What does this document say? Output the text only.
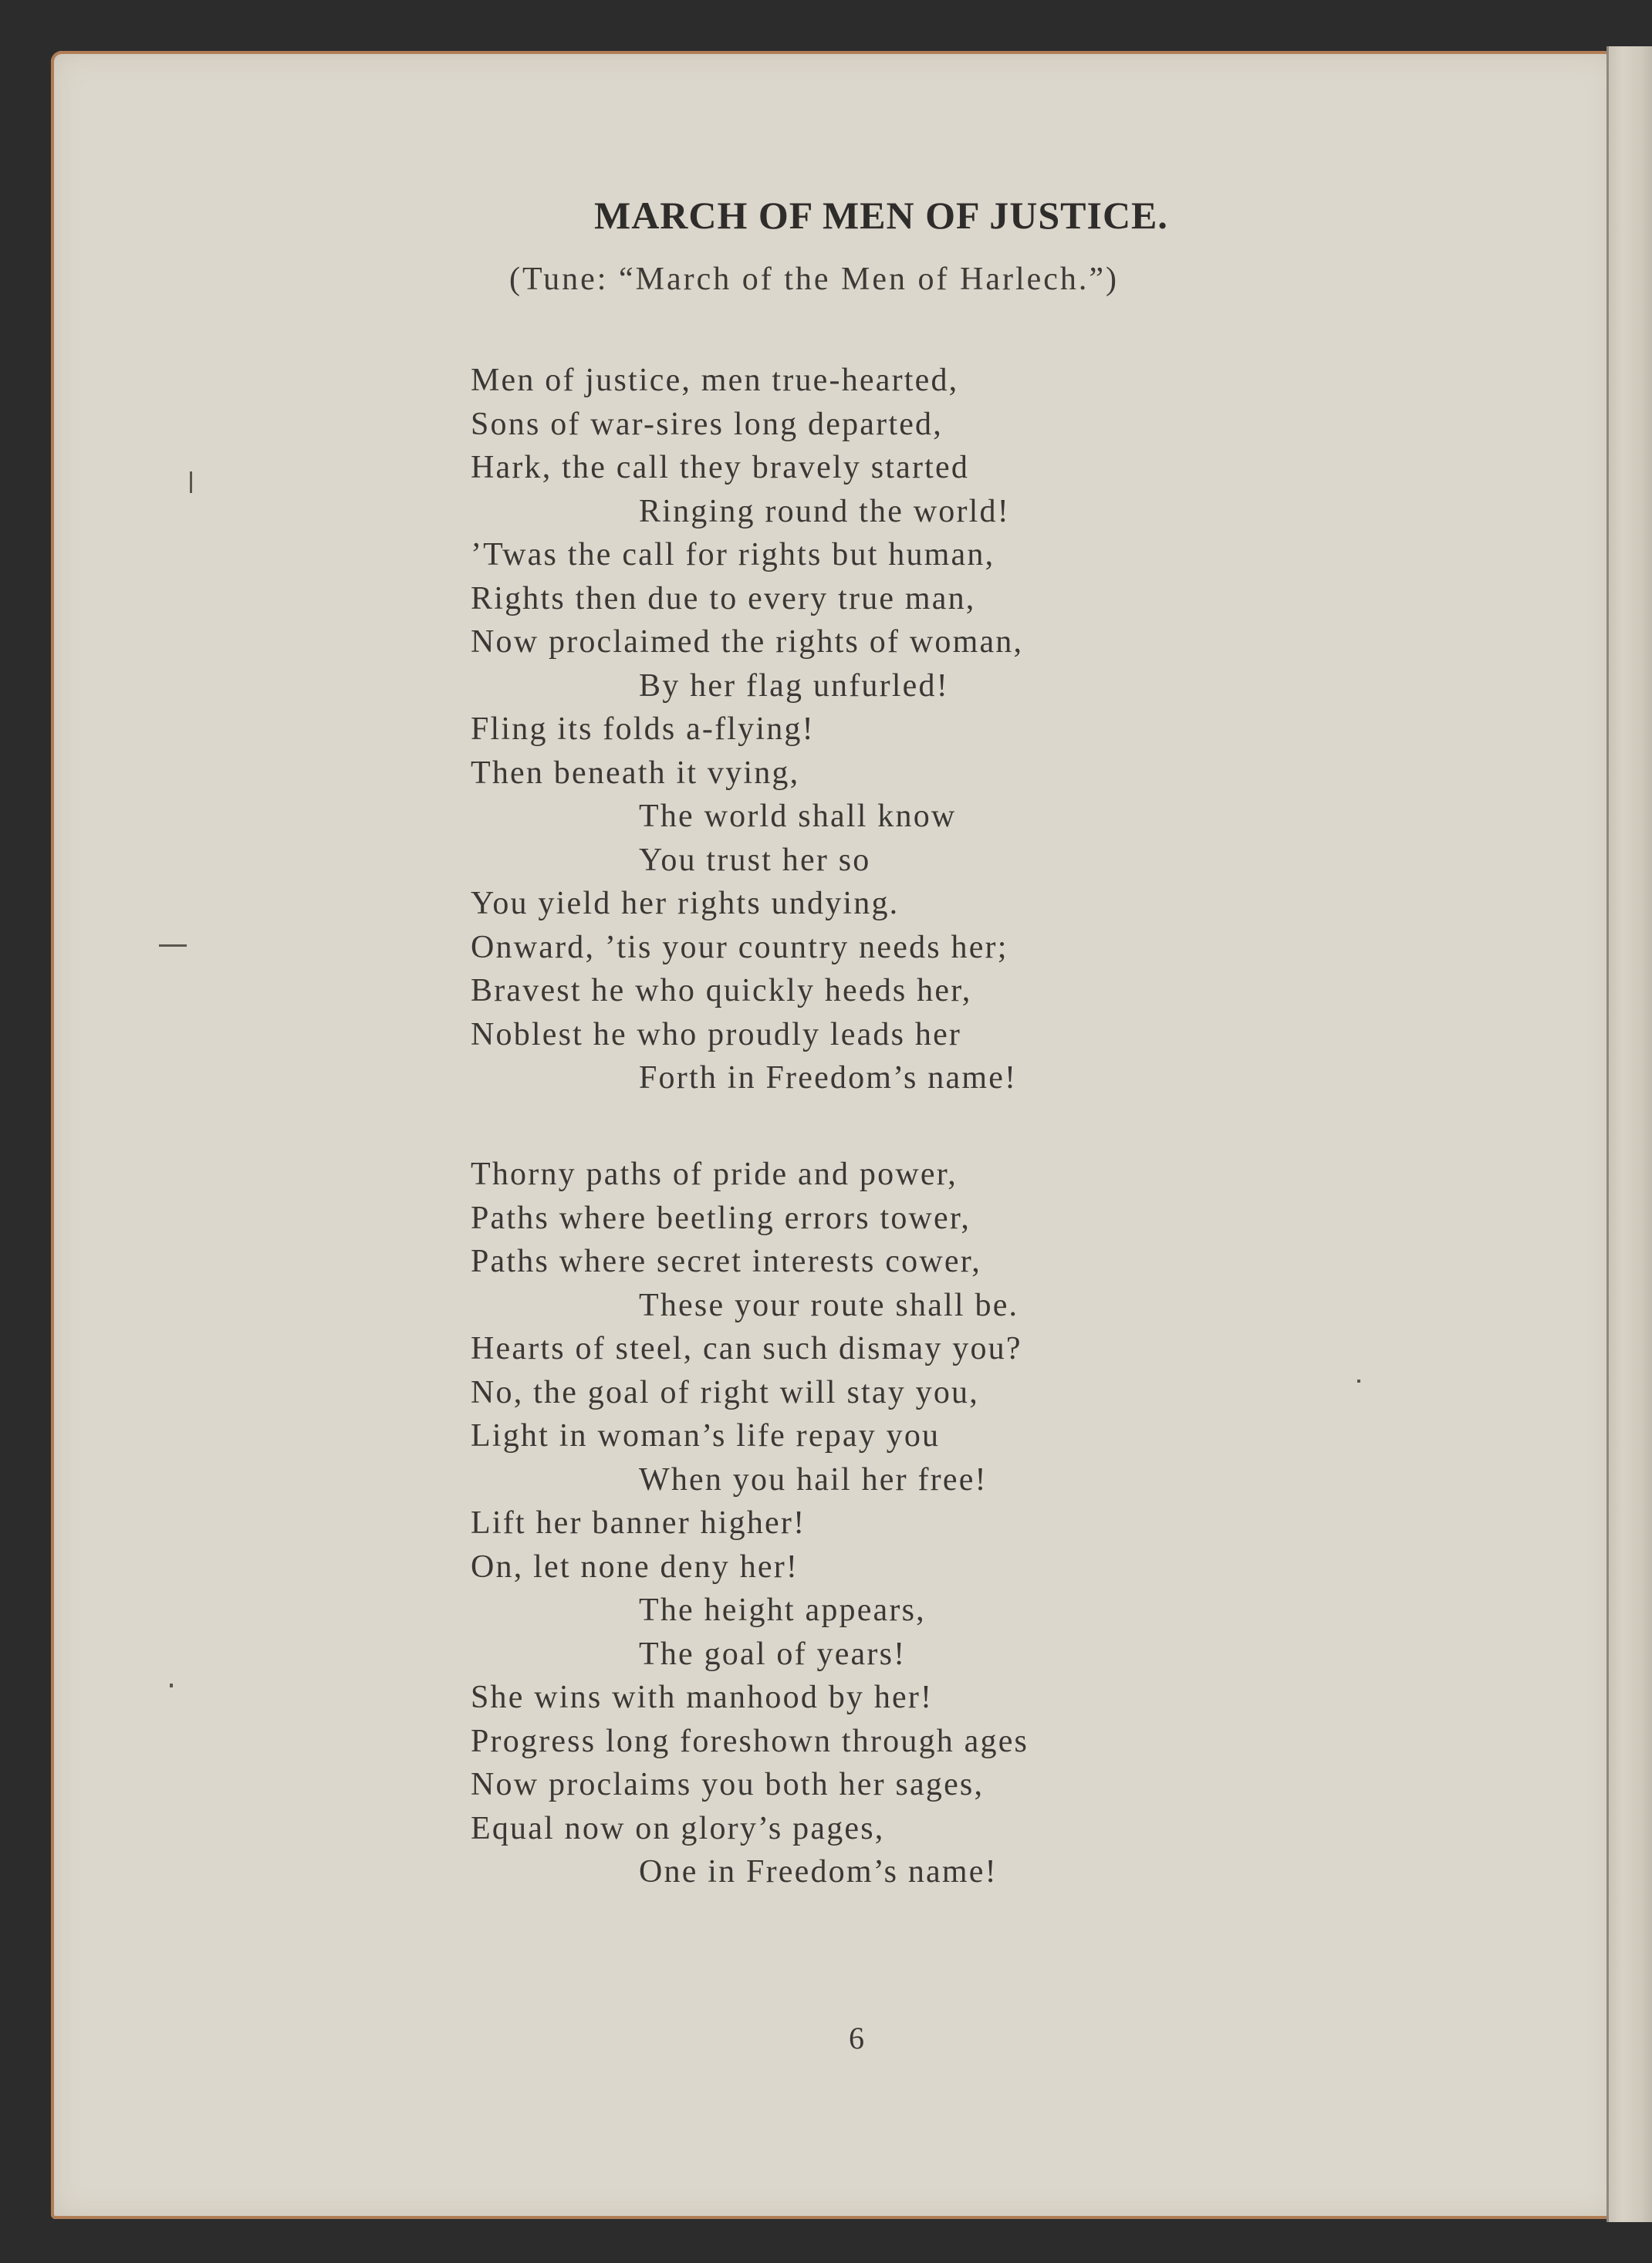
MARCH OF MEN OF JUSTICE.
(Tune: “March of the Men of Harlech.”)
Men of justice, men true-hearted,
Sons of war-sires long departed,
Hark, the call they bravely started
Ringing round the world!
’Twas the call for rights but human,
Rights then due to every true man,
Now proclaimed the rights of woman,
By her flag unfurled!
Fling its folds a-flying!
Then beneath it vying,
The world shall know
You trust her so
You yield her rights undying.
Onward, ’tis your country needs her;
Bravest he who quickly heeds her,
Noblest he who proudly leads her
Forth in Freedom’s name!
Thorny paths of pride and power,
Paths where beetling errors tower,
Paths where secret interests cower,
These your route shall be.
Hearts of steel, can such dismay you?
No, the goal of right will stay you,
Light in woman’s life repay you
When you hail her free!
Lift her banner higher!
On, let none deny her!
The height appears,
The goal of years!
She wins with manhood by her!
Progress long foreshown through ages
Now proclaims you both her sages,
Equal now on glory’s pages,
One in Freedom’s name!
6
